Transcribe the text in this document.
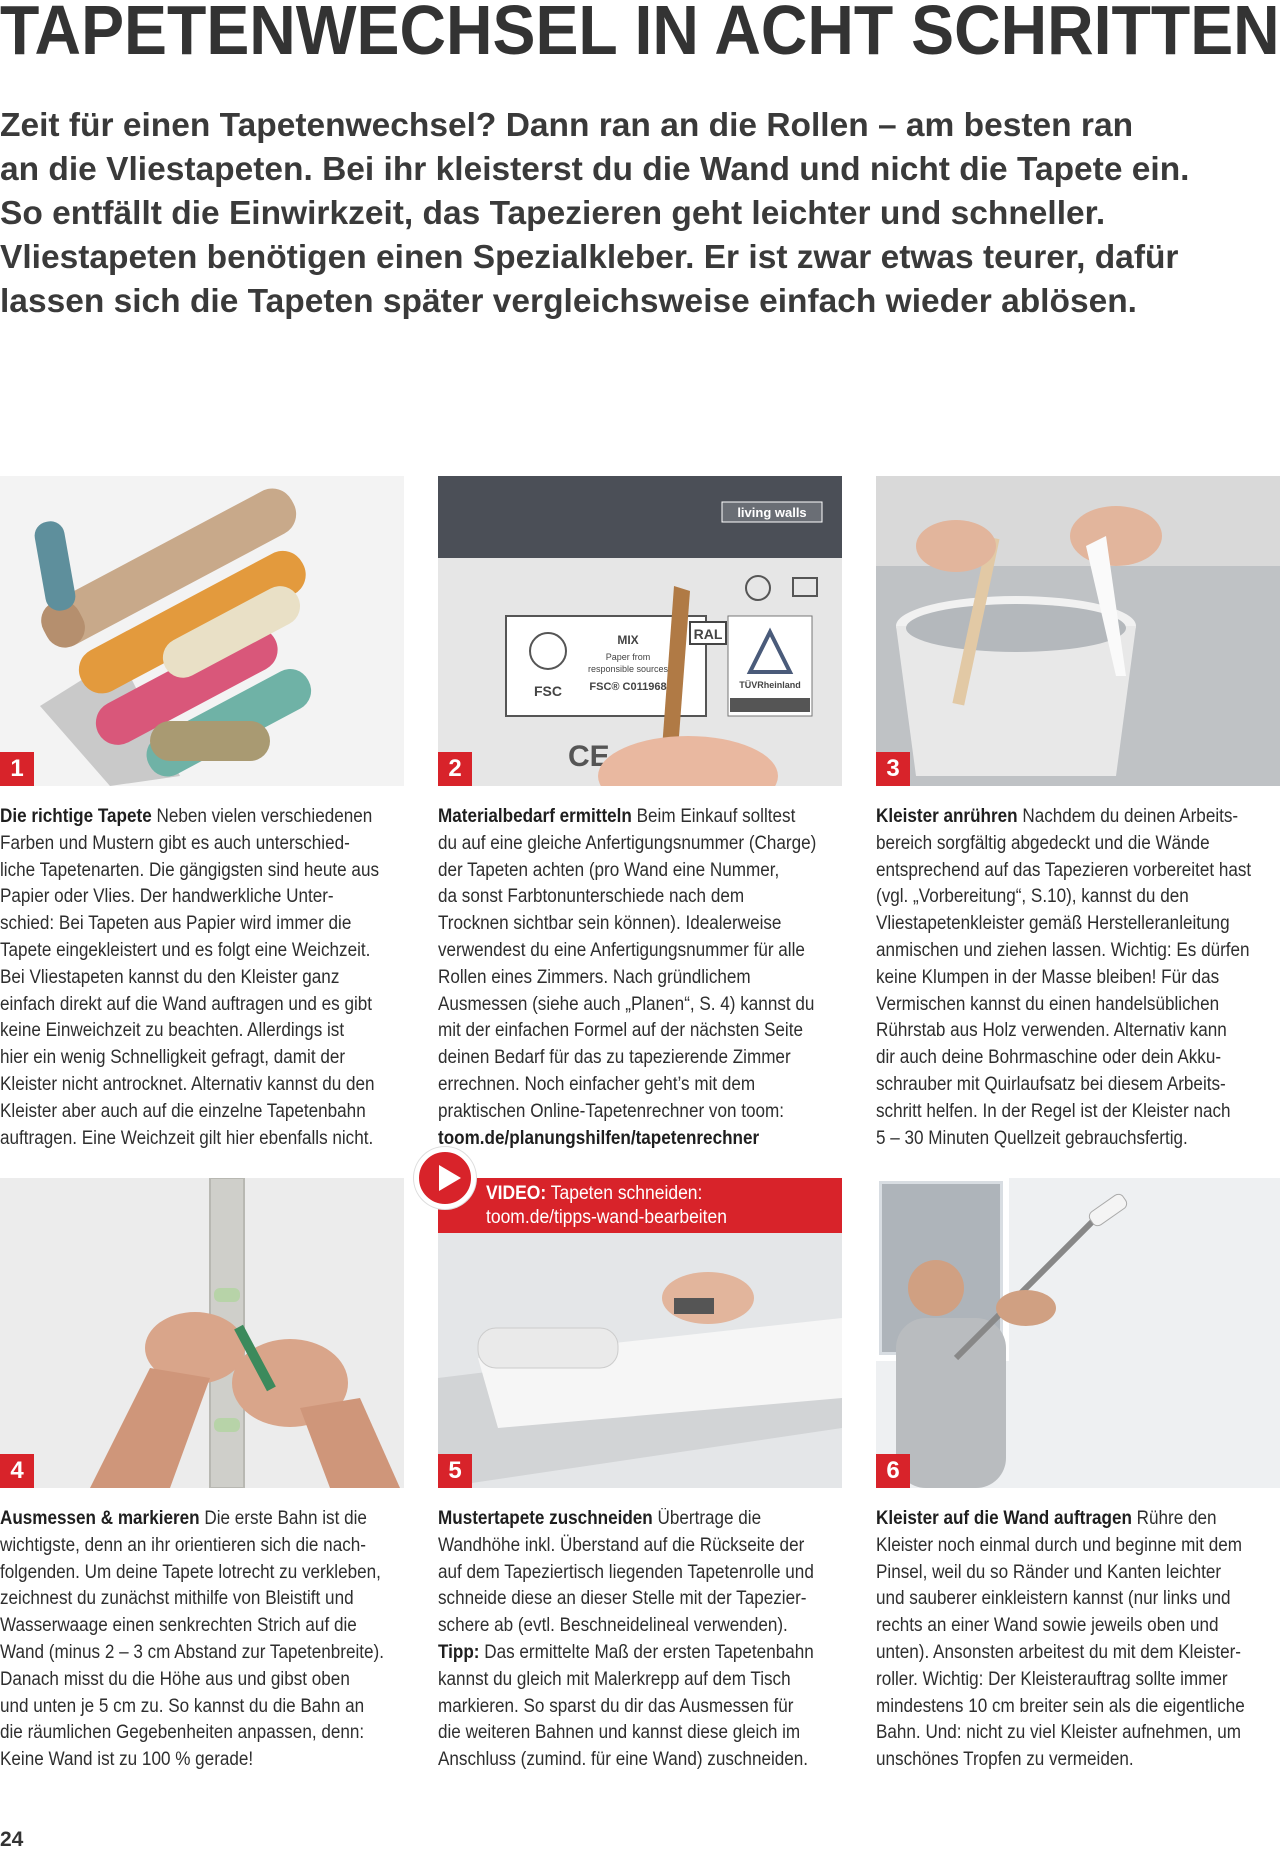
TAPETENWECHSEL IN ACHT SCHRITTEN
Zeit für einen Tapetenwechsel? Dann ran an die Rollen – am besten ran
an die Vliestapeten. Bei ihr kleisterst du die Wand und nicht die Tapete ein.
So entfällt die Einwirkzeit, das Tapezieren geht leichter und schneller.
Vliestapeten benötigen einen Spezialkleber. Er ist zwar etwas teurer, dafür
lassen sich die Tapeten später vergleichsweise einfach wieder ablösen.
1
Die richtige Tapete Neben vielen verschiedenen
Farben und Mustern gibt es auch unterschied-
liche Tapetenarten. Die gängigsten sind heute aus
Papier oder Vlies. Der handwerkliche Unter-
schied: Bei Tapeten aus Papier wird immer die
Tapete eingekleistert und es folgt eine Weichzeit.
Bei Vliestapeten kannst du den Kleister ganz
einfach direkt auf die Wand auftragen und es gibt
keine Einweichzeit zu beachten. Allerdings ist
hier ein wenig Schnelligkeit gefragt, damit der
Kleister nicht antrocknet. Alternativ kannst du den
Kleister aber auch auf die einzelne Tapetenbahn
auftragen. Eine Weichzeit gilt hier ebenfalls nicht.
living walls
FSC
MIX
Paper from
responsible sources
FSC® C011968
RAL
TÜVRheinland
CE
2
Materialbedarf ermitteln Beim Einkauf solltest
du auf eine gleiche Anfertigungsnummer (Charge)
der Tapeten achten (pro Wand eine Nummer,
da sonst Farbtonunterschiede nach dem
Trocknen sichtbar sein können). Idealerweise
verwendest du eine Anfertigungsnummer für alle
Rollen eines Zimmers. Nach gründlichem
Ausmessen (siehe auch „Planen“, S. 4) kannst du
mit der einfachen Formel auf der nächsten Seite
deinen Bedarf für das zu tapezierende Zimmer
errechnen. Noch einfacher geht’s mit dem
praktischen Online-Tapetenrechner von toom:
toom.de/planungshilfen/tapetenrechner
3
Kleister anrühren Nachdem du deinen Arbeits-
bereich sorgfältig abgedeckt und die Wände
entsprechend auf das Tapezieren vorbereitet hast
(vgl. „Vorbereitung“, S.10), kannst du den
Vliestapetenkleister gemäß Herstelleranleitung
anmischen und ziehen lassen. Wichtig: Es dürfen
keine Klumpen in der Masse bleiben! Für das
Vermischen kannst du einen handelsüblichen
Rührstab aus Holz verwenden. Alternativ kann
dir auch deine Bohrmaschine oder dein Akku-
schrauber mit Quirlaufsatz bei diesem Arbeits-
schritt helfen. In der Regel ist der Kleister nach
5 – 30 Minuten Quellzeit gebrauchsfertig.
4
Ausmessen & markieren Die erste Bahn ist die
wichtigste, denn an ihr orientieren sich die nach-
folgenden. Um deine Tapete lotrecht zu verkleben,
zeichnest du zunächst mithilfe von Bleistift und
Wasserwaage einen senkrechten Strich auf die
Wand (minus 2 – 3 cm Abstand zur Tapetenbreite).
Danach misst du die Höhe aus und gibst oben
und unten je 5 cm zu. So kannst du die Bahn an
die räumlichen Gegebenheiten anpassen, denn:
Keine Wand ist zu 100 % gerade!
5
Mustertapete zuschneiden Übertrage die
Wandhöhe inkl. Überstand auf die Rückseite der
auf dem Tapeziertisch liegenden Tapetenrolle und
schneide diese an dieser Stelle mit der Tapezier-
schere ab (evtl. Beschneidelineal verwenden).
Tipp: Das ermittelte Maß der ersten Tapetenbahn
kannst du gleich mit Malerkrepp auf dem Tisch
markieren. So sparst du dir das Ausmessen für
die weiteren Bahnen und kannst diese gleich im
Anschluss (zumind. für eine Wand) zuschneiden.
6
Kleister auf die Wand auftragen Rühre den
Kleister noch einmal durch und beginne mit dem
Pinsel, weil du so Ränder und Kanten leichter
und sauberer einkleistern kannst (nur links und
rechts an einer Wand sowie jeweils oben und
unten). Ansonsten arbeitest du mit dem Kleister-
roller. Wichtig: Der Kleisterauftrag sollte immer
mindestens 10 cm breiter sein als die eigentliche
Bahn. Und: nicht zu viel Kleister aufnehmen, um
unschönes Tropfen zu vermeiden.
VIDEO: Tapeten schneiden:
toom.de/tipps-wand-bearbeiten
24
